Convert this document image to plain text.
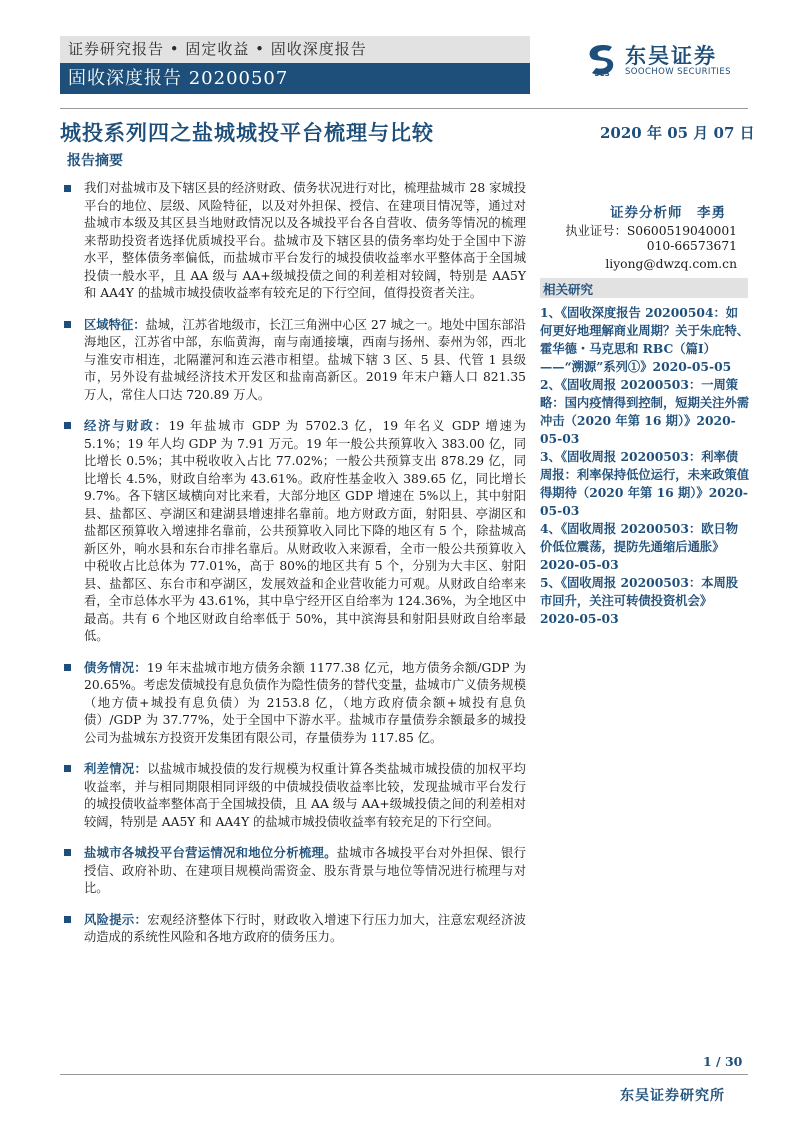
证券研究报告 • 固定收益 • 固收深度报告
固收深度报告 20200507	SCS
东吴证券
SOOCHOW SECURITIES
城投系列四之盐城城投平台梳理与比较	2020 年 05 月 07 日
报告摘要
我们对盐城市及下辖区县的经济财政、债务状况进行对比，梳理盐城市 28 家城投平台的地位、层级、风险特征，以及对外担保、授信、在建项目情况等，通过对盐城市本级及其区县当地财政情况以及各城投平台各自营收、债务等情况的梳理来帮助投资者选择优质城投平台。盐城市及下辖区县的债务率均处于全国中下游水平，整体债务率偏低，而盐城市平台发行的城投债收益率水平整体高于全国城投债一般水平，且 AA 级与 AA+级城投债之间的利差相对较阔，特别是 AA5Y 和 AA4Y 的盐城市城投债收益率有较充足的下行空间，值得投资者关注。
区域特征：盐城，江苏省地级市，长江三角洲中心区 27 城之一。地处中国东部沿海地区，江苏省中部，东临黄海，南与南通接壤，西南与扬州、泰州为邻，西北与淮安市相连，北隔灌河和连云港市相望。盐城下辖 3 区、5 县、代管 1 县级市，另外设有盐城经济技术开发区和盐南高新区。2019 年末户籍人口 821.35 万人，常住人口达 720.89 万人。
经济与财政：19 年盐城市 GDP 为 5702.3 亿，19 年名义 GDP 增速为 5.1%；19 年人均 GDP 为 7.91 万元。19 年一般公共预算收入 383.00 亿，同比增长 0.5%；其中税收收入占比 77.02%；一般公共预算支出 878.29 亿，同比增长 4.5%，财政自给率为 43.61%。政府性基金收入 389.65 亿，同比增长 9.7%。各下辖区域横向对比来看，大部分地区 GDP 增速在 5%以上，其中射阳县、盐都区、亭湖区和建湖县增速排名靠前。地方财政方面，射阳县、亭湖区和盐都区预算收入增速排名靠前，公共预算收入同比下降的地区有 5 个，除盐城高新区外，响水县和东台市排名靠后。从财政收入来源看，全市一般公共预算收入中税收占比总体为 77.01%，高于 80%的地区共有 5 个，分别为大丰区、射阳县、盐都区、东台市和亭湖区，发展效益和企业营收能力可观。从财政自给率来看，全市总体水平为 43.61%，其中阜宁经开区自给率为 124.36%，为全地区中最高。共有 6 个地区财政自给率低于 50%，其中滨海县和射阳县财政自给率最低。
债务情况：19 年末盐城市地方债务余额 1177.38 亿元，地方债务余额/GDP 为 20.65%。考虑发债城投有息负债作为隐性债务的替代变量，盐城市广义债务规模（地方债+城投有息负债）为 2153.8 亿，（地方政府债余额+城投有息负债）/GDP 为 37.77%，处于全国中下游水平。盐城市存量债券余额最多的城投公司为盐城东方投资开发集团有限公司，存量债券为 117.85 亿。
利差情况：以盐城市城投债的发行规模为权重计算各类盐城市城投债的加权平均收益率，并与相同期限相同评级的中债城投债收益率比较，发现盐城市平台发行的城投债收益率整体高于全国城投债，且 AA 级与 AA+级城投债之间的利差相对较阔，特别是 AA5Y 和 AA4Y 的盐城市城投债收益率有较充足的下行空间。
盐城市各城投平台营运情况和地位分析梳理。盐城市各城投平台对外担保、银行授信、政府补助、在建项目规模尚需资金、股东背景与地位等情况进行梳理与对比。
风险提示：宏观经济整体下行时，财政收入增速下行压力加大，注意宏观经济波动造成的系统性风险和各地方政府的债务压力。
证券分析师　李勇
执业证号：S0600519040001
010-66573671
liyong@dwzq.com.cn
相关研究
1、《固收深度报告 20200504：如何更好地理解商业周期？关于朱庇特、霍华德・马克思和 RBC（篇Ⅰ）——“溯源”系列①》2020-05-05
2、《固收周报 20200503：一周策略：国内疫情得到控制，短期关注外需冲击（2020 年第 16 期）》2020-05-03
3、《固收周报 20200503：利率债周报：利率保持低位运行，未来政策值得期待（2020 年第 16 期）》2020-05-03
4、《固收周报 20200503：欧日物价低位震荡，提防先通缩后通胀》2020-05-03
5、《固收周报 20200503：本周股市回升，关注可转债投资机会》2020-05-03
1 / 30
东吴证券研究所
